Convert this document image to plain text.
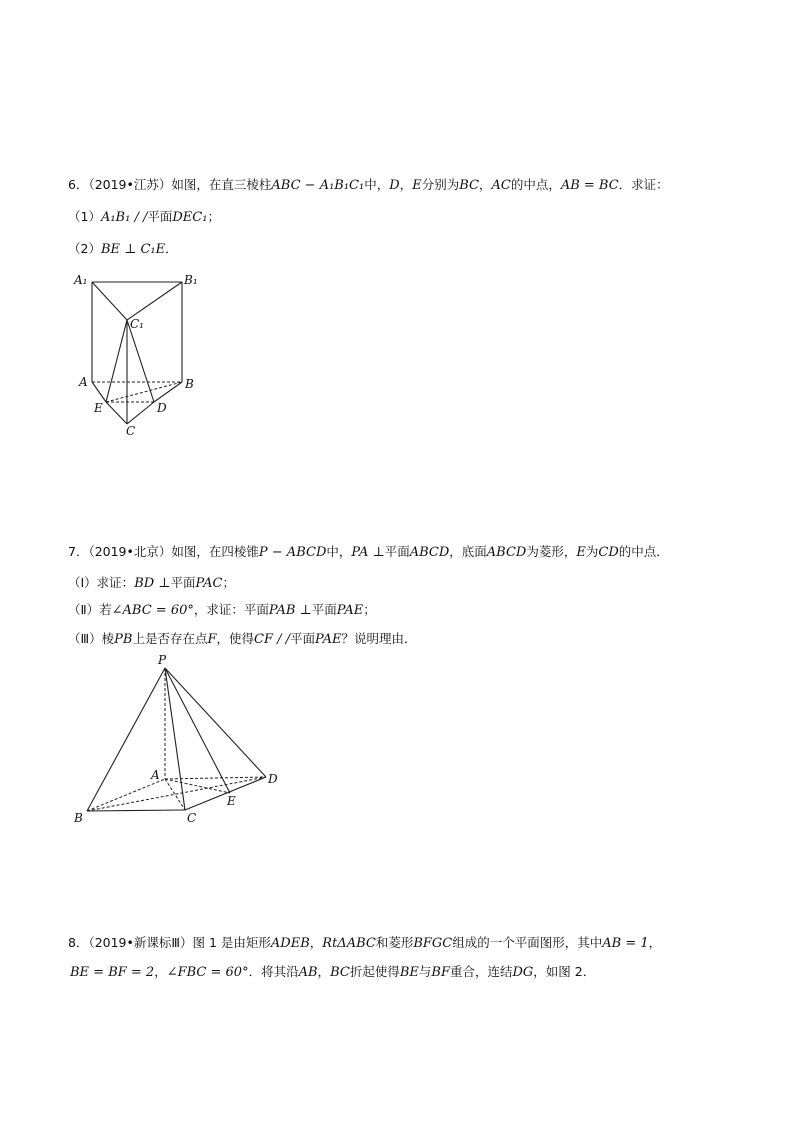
6．（2019•江苏）如图，在直三棱柱ABC − A₁B₁C₁中，D，E分别为BC，AC的中点，AB = BC．求证：
（1）A₁B₁ / /平面DEC₁；
（2）BE ⊥ C₁E．
A₁	B₁
C₁
A	B
E	D
C
7．（2019•北京）如图，在四棱锥P − ABCD中，PA ⊥平面ABCD，底面ABCD为菱形，E为CD的中点．
（Ⅰ）求证：BD ⊥平面PAC；
（Ⅱ）若∠ABC = 60°，求证：平面PAB ⊥平面PAE；
（Ⅲ）棱PB上是否存在点F，使得CF / /平面PAE？说明理由．
P
A
B	C
D
E
8．（2019•新课标Ⅲ）图 1 是由矩形ADEB，RtΔABC和菱形BFGC组成的一个平面图形，其中AB = 1，
BE = BF = 2，∠FBC = 60°．将其沿AB，BC折起使得BE与BF重合，连结DG，如图 2．
